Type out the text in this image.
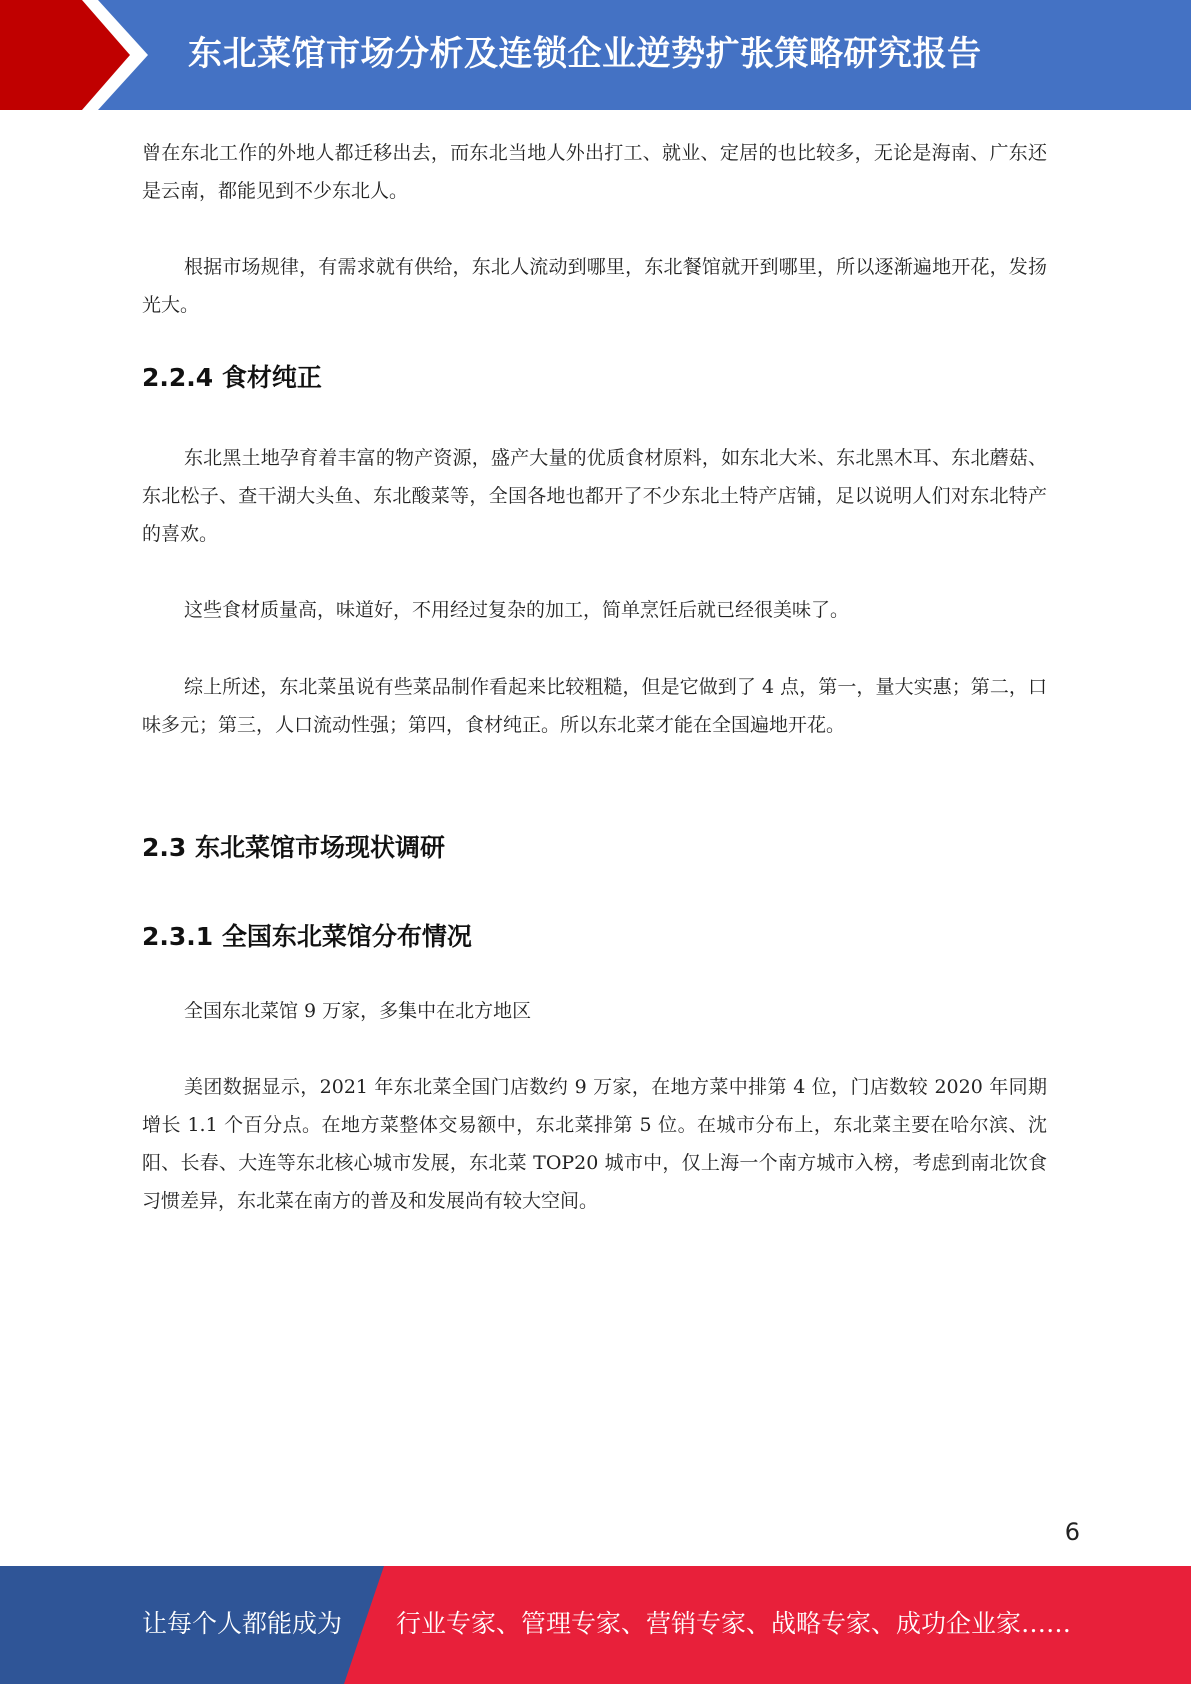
东北菜馆市场分析及连锁企业逆势扩张策略研究报告

曾在东北工作的外地人都迁移出去，而东北当地人外出打工、就业、定居的也比较多，无论是海南、广东还是云南，都能见到不少东北人。

根据市场规律，有需求就有供给，东北人流动到哪里，东北餐馆就开到哪里，所以逐渐遍地开花，发扬光大。

2.2.4 食材纯正

东北黑土地孕育着丰富的物产资源，盛产大量的优质食材原料，如东北大米、东北黑木耳、东北蘑菇、东北松子、查干湖大头鱼、东北酸菜等，全国各地也都开了不少东北土特产店铺，足以说明人们对东北特产的喜欢。

这些食材质量高，味道好，不用经过复杂的加工，简单烹饪后就已经很美味了。

综上所述，东北菜虽说有些菜品制作看起来比较粗糙，但是它做到了 4 点，第一，量大实惠；第二，口味多元；第三，人口流动性强；第四，食材纯正。所以东北菜才能在全国遍地开花。

2.3 东北菜馆市场现状调研
2.3.1 全国东北菜馆分布情况

全国东北菜馆 9 万家，多集中在北方地区

美团数据显示，2021 年东北菜全国门店数约 9 万家，在地方菜中排第 4 位，门店数较 2020 年同期增长 1.1 个百分点。在地方菜整体交易额中，东北菜排第 5 位。在城市分布上，东北菜主要在哈尔滨、沈阳、长春、大连等东北核心城市发展，东北菜 TOP20 城市中，仅上海一个南方城市入榜，考虑到南北饮食习惯差异，东北菜在南方的普及和发展尚有较大空间。

6
让每个人都能成为 行业专家、管理专家、营销专家、战略专家、成功企业家……
